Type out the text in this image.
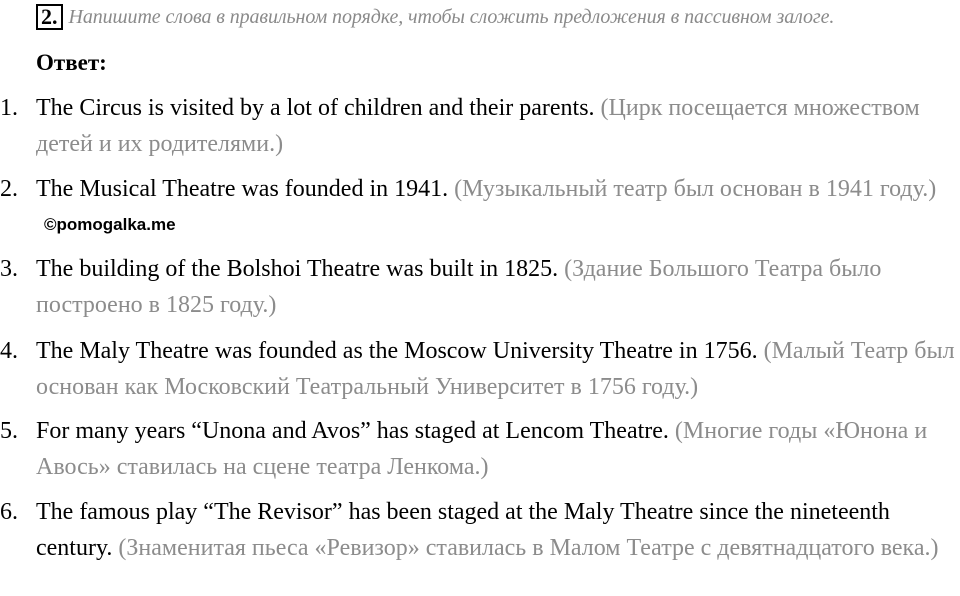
2. Напишите слова в правильном порядке, чтобы сложить предложения в пассивном залоге.
Ответ:
1. The Circus is visited by a lot of children and their parents. (Цирк посещается множеством детей и их родителями.)
2. The Musical Theatre was founded in 1941. (Музыкальный театр был основан в 1941 году.) ©pomogalka.me
3. The building of the Bolshoi Theatre was built in 1825. (Здание Большого Театра было построено в 1825 году.)
4. The Maly Theatre was founded as the Moscow University Theatre in 1756. (Малый Театр был основан как Московский Театральный Университет в 1756 году.)
5. For many years “Unona and Avos” has staged at Lencom Theatre. (Многие годы «Юнона и Авось» ставилась на сцене театра Ленкома.)
6. The famous play “The Revisor” has been staged at the Maly Theatre since the nineteenth century. (Знаменитая пьеса «Ревизор» ставилась в Малом Театре с девятнадцатого века.)
